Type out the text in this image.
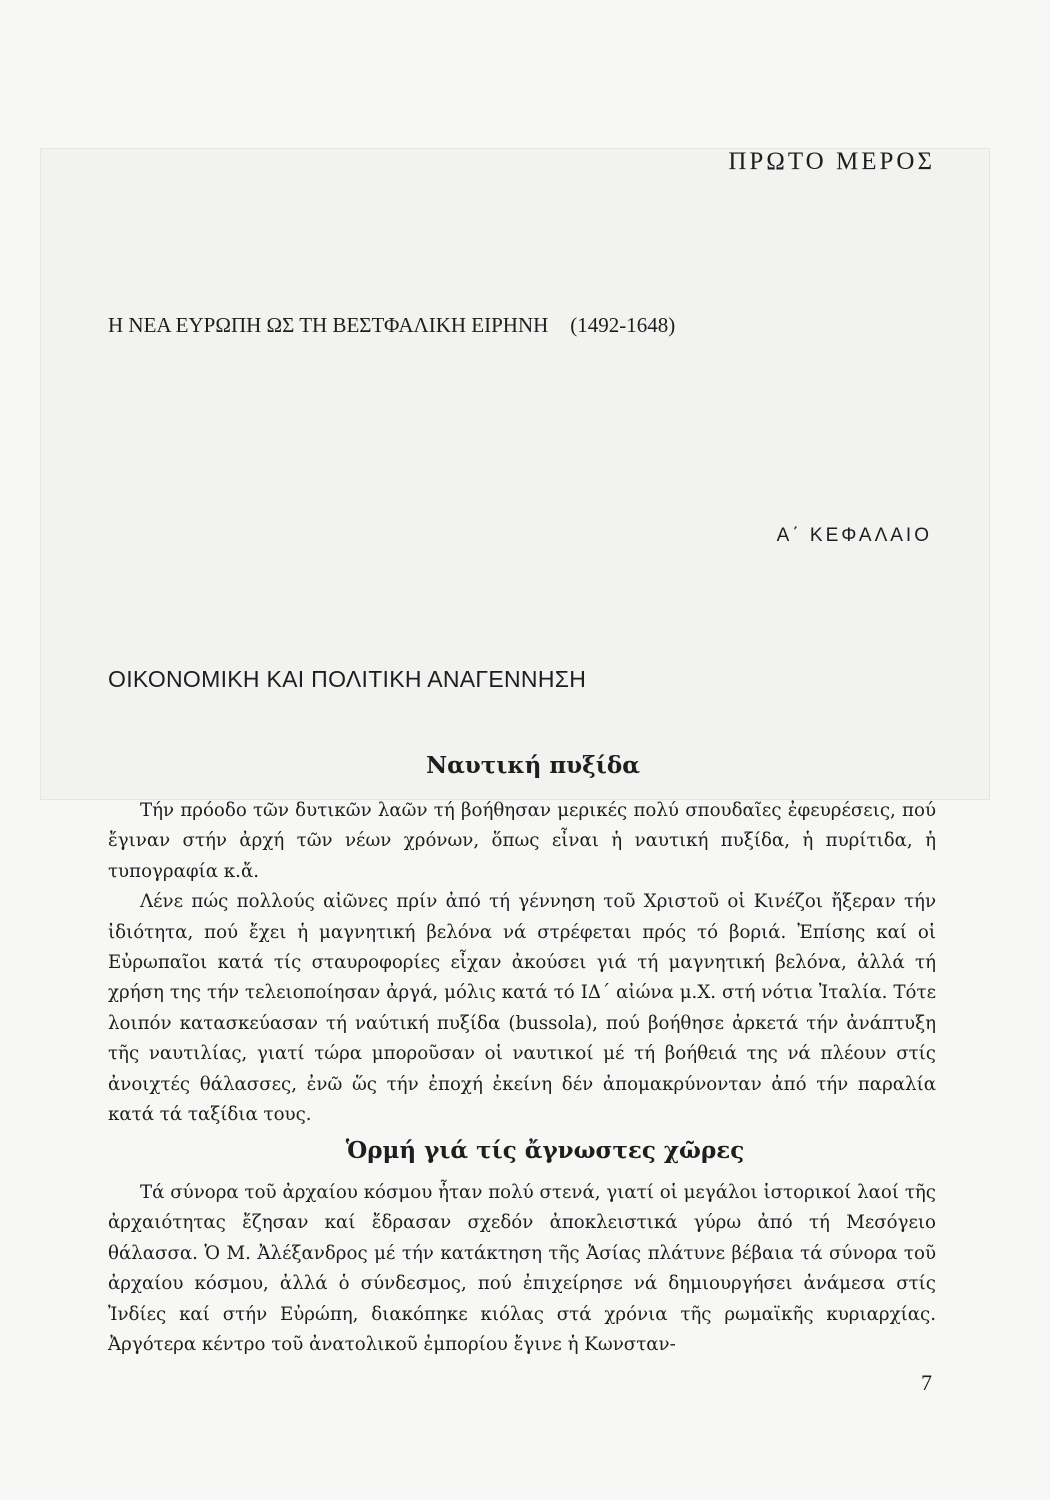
ΠΡΩΤΟ ΜΕΡΟΣ
Η ΝΕΑ ΕΥΡΩΠΗ ΩΣ ΤΗ ΒΕΣΤΦΑΛΙΚΗ ΕΙΡΗΝΗ (1492-1648)
Α΄ ΚΕΦΑΛΑΙΟ
ΟΙΚΟΝΟΜΙΚΗ ΚΑΙ ΠΟΛΙΤΙΚΗ ΑΝΑΓΕΝΝΗΣΗ
Ναυτική πυξίδα

Τήν πρόοδο τῶν δυτικῶν λαῶν τή βοήθησαν μερικές πολύ σπουδαῖες ἐφευρέσεις, πού ἔγιναν στήν ἀρχή τῶν νέων χρόνων, ὅπως εἶναι ἡ ναυτική πυξίδα, ἡ πυρίτιδα, ἡ τυπογραφία κ.ἄ.

Λένε πώς πολλούς αἰῶνες πρίν ἀπό τή γέννηση τοῦ Χριστοῦ οἱ Κινέζοι ἤξεραν τήν ἰδιότητα, πού ἔχει ἡ μαγνητική βελόνα νά στρέφεται πρός τό βοριά. Ἐπίσης καί οἱ Εὐρωπαῖοι κατά τίς σταυροφορίες εἶχαν ἀκούσει γιά τή μαγνητική βελόνα, ἀλλά τή χρήση της τήν τελειοποίησαν ἀργά, μόλις κατά τό ΙΔ΄ αἰώνα μ.Χ. στή νότια Ἰταλία. Τότε λοιπόν κατασκεύασαν τή ναύτική πυξίδα (bussola), πού βοήθησε ἀρκετά τήν ἀνάπτυξη τῆς ναυτιλίας, γιατί τώρα μποροῦσαν οἱ ναυτικοί μέ τή βοήθειά της νά πλέουν στίς ἀνοιχτές θάλασσες, ἐνῶ ὥς τήν ἐποχή ἐκείνη δέν ἀπομακρύνονταν ἀπό τήν παραλία κατά τά ταξίδια τους.

Ὁρμή γιά τίς ἄγνωστες χῶρες

Τά σύνορα τοῦ ἀρχαίου κόσμου ἦταν πολύ στενά, γιατί οἱ μεγάλοι ἱστορικοί λαοί τῆς ἀρχαιότητας ἔζησαν καί ἔδρασαν σχεδόν ἀποκλειστικά γύρω ἀπό τή Μεσόγειο θάλασσα. Ὁ Μ. Ἀλέξανδρος μέ τήν κατάκτηση τῆς Ἀσίας πλάτυνε βέβαια τά σύνορα τοῦ ἀρχαίου κόσμου, ἀλλά ὁ σύνδεσμος, πού ἐπιχείρησε νά δημιουργήσει ἀνάμεσα στίς Ἰνδίες καί στήν Εὐρώπη, διακόπηκε κιόλας στά χρόνια τῆς ρωμαϊκῆς κυριαρχίας. Ἀργότερα κέντρο τοῦ ἀνατολικοῦ ἐμπορίου ἔγινε ἡ Κωνσταν-

7
